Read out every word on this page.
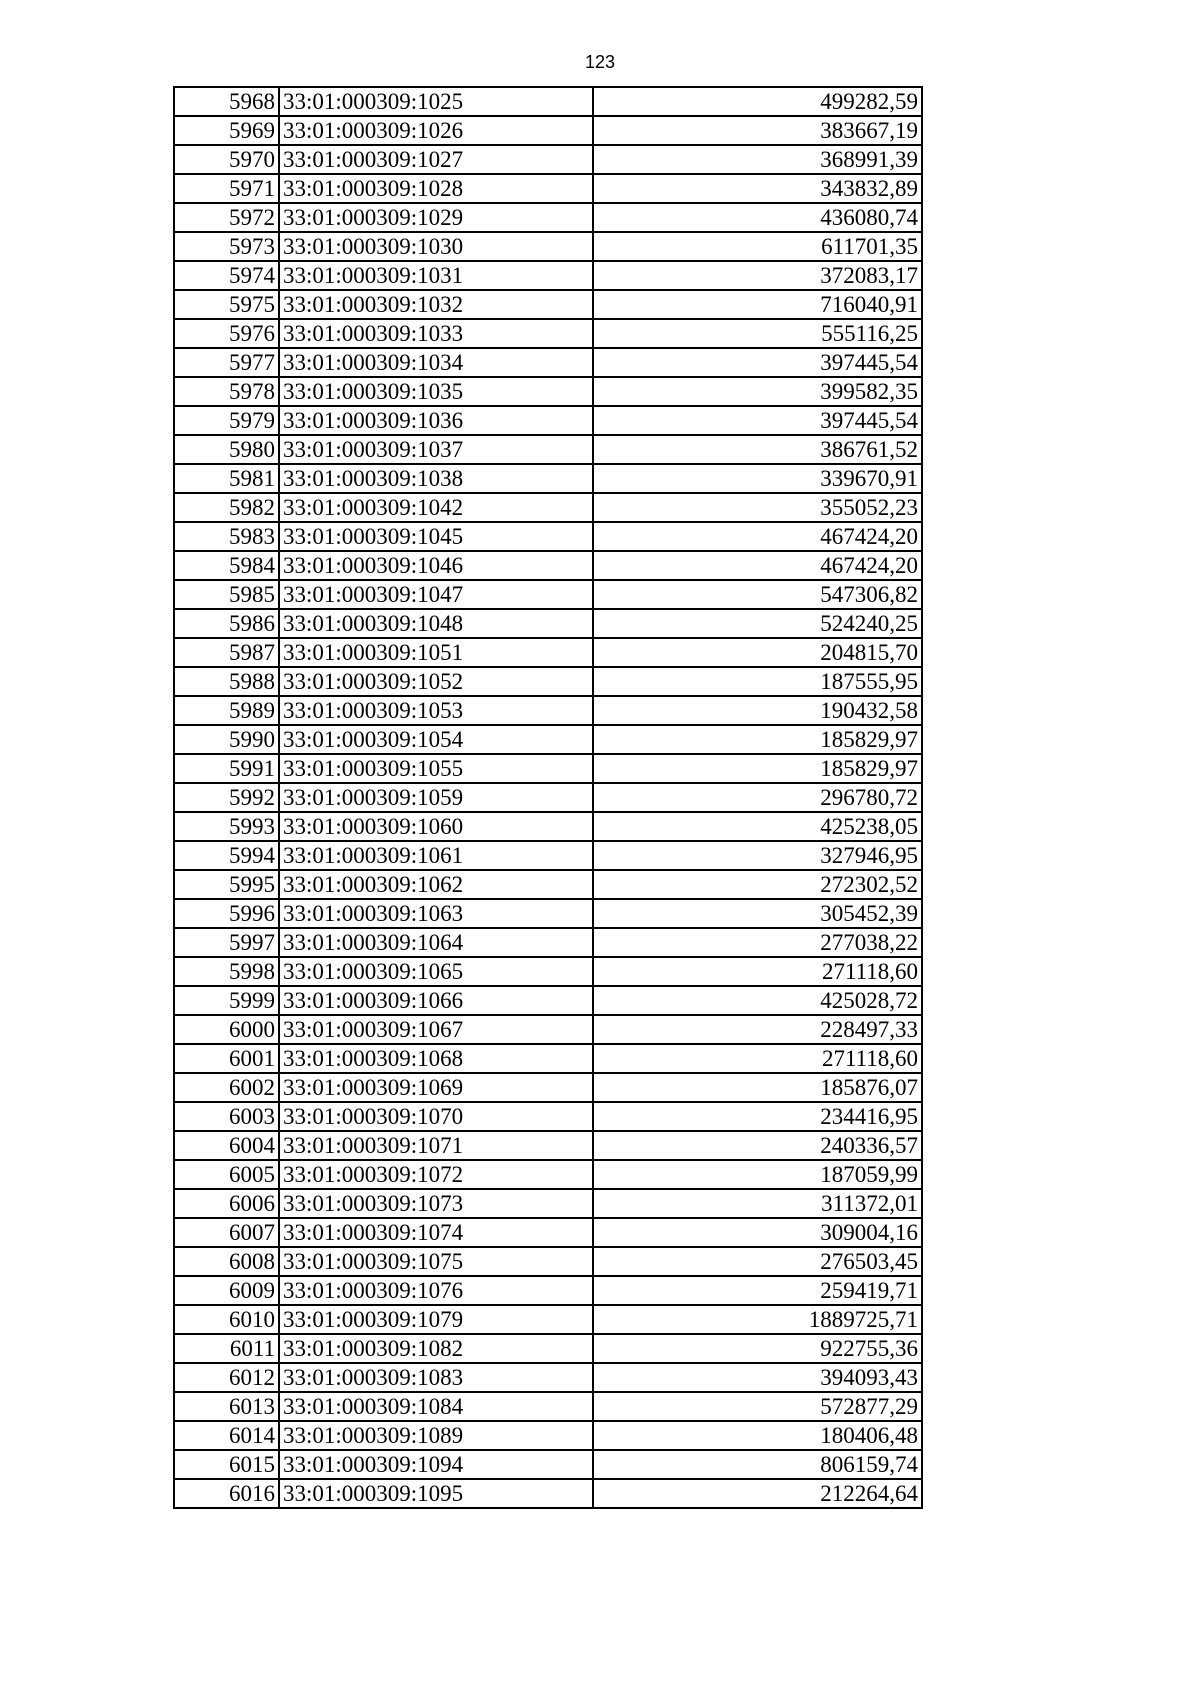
123
5968	33:01:000309:1025	499282,59
5969	33:01:000309:1026	383667,19
5970	33:01:000309:1027	368991,39
5971	33:01:000309:1028	343832,89
5972	33:01:000309:1029	436080,74
5973	33:01:000309:1030	611701,35
5974	33:01:000309:1031	372083,17
5975	33:01:000309:1032	716040,91
5976	33:01:000309:1033	555116,25
5977	33:01:000309:1034	397445,54
5978	33:01:000309:1035	399582,35
5979	33:01:000309:1036	397445,54
5980	33:01:000309:1037	386761,52
5981	33:01:000309:1038	339670,91
5982	33:01:000309:1042	355052,23
5983	33:01:000309:1045	467424,20
5984	33:01:000309:1046	467424,20
5985	33:01:000309:1047	547306,82
5986	33:01:000309:1048	524240,25
5987	33:01:000309:1051	204815,70
5988	33:01:000309:1052	187555,95
5989	33:01:000309:1053	190432,58
5990	33:01:000309:1054	185829,97
5991	33:01:000309:1055	185829,97
5992	33:01:000309:1059	296780,72
5993	33:01:000309:1060	425238,05
5994	33:01:000309:1061	327946,95
5995	33:01:000309:1062	272302,52
5996	33:01:000309:1063	305452,39
5997	33:01:000309:1064	277038,22
5998	33:01:000309:1065	271118,60
5999	33:01:000309:1066	425028,72
6000	33:01:000309:1067	228497,33
6001	33:01:000309:1068	271118,60
6002	33:01:000309:1069	185876,07
6003	33:01:000309:1070	234416,95
6004	33:01:000309:1071	240336,57
6005	33:01:000309:1072	187059,99
6006	33:01:000309:1073	311372,01
6007	33:01:000309:1074	309004,16
6008	33:01:000309:1075	276503,45
6009	33:01:000309:1076	259419,71
6010	33:01:000309:1079	1889725,71
6011	33:01:000309:1082	922755,36
6012	33:01:000309:1083	394093,43
6013	33:01:000309:1084	572877,29
6014	33:01:000309:1089	180406,48
6015	33:01:000309:1094	806159,74
6016	33:01:000309:1095	212264,64
